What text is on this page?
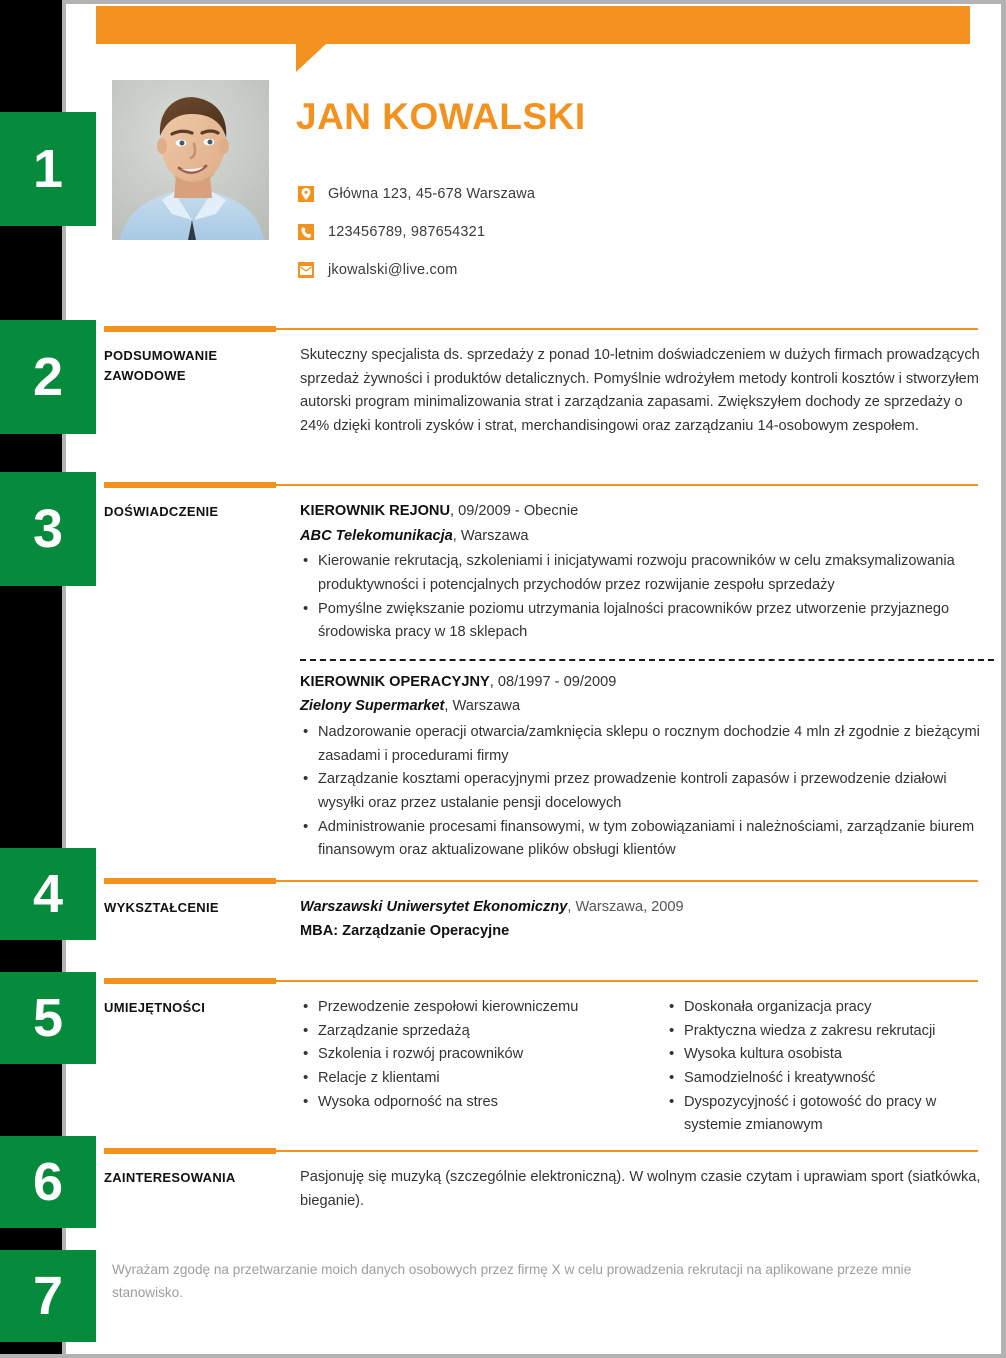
1
2
3
4
5
6
7
JAN KOWALSKI
Główna 123, 45-678 Warszawa
123456789, 987654321
jkowalski@live.com
PODSUMOWANIE ZAWODOWE
Skuteczny specjalista ds. sprzedaży z ponad 10-letnim doświadczeniem w dużych firmach prowadzących sprzedaż żywności i produktów detalicznych. Pomyślnie wdrożyłem metody kontroli kosztów i stworzyłem autorski program minimalizowania strat i zarządzania zapasami. Zwiększyłem dochody ze sprzedaży o 24% dzięki kontroli zysków i strat, merchandisingowi oraz zarządzaniu 14-osobowym zespołem.
DOŚWIADCZENIE	KIEROWNIK REJONU, 09/2009 - Obecnie
ABC Telekomunikacja, Warszawa
• Kierowanie rekrutacją, szkoleniami i inicjatywami rozwoju pracowników w celu zmaksymalizowania produktywności i potencjalnych przychodów przez rozwijanie zespołu sprzedaży
• Pomyślne zwiększanie poziomu utrzymania lojalności pracowników przez utworzenie przyjaznego środowiska pracy w 18 sklepach
KIEROWNIK OPERACYJNY, 08/1997 - 09/2009
Zielony Supermarket, Warszawa
• Nadzorowanie operacji otwarcia/zamknięcia sklepu o rocznym dochodzie 4 mln zł zgodnie z bieżącymi zasadami i procedurami firmy
• Zarządzanie kosztami operacyjnymi przez prowadzenie kontroli zapasów i przewodzenie działowi wysyłki oraz przez ustalanie pensji docelowych
• Administrowanie procesami finansowymi, w tym zobowiązaniami i należnościami, zarządzanie biurem finansowym oraz aktualizowane plików obsługi klientów
WYKSZTAŁCENIE	Warszawski Uniwersytet Ekonomiczny, Warszawa, 2009
MBA: Zarządzanie Operacyjne
UMIEJĘTNOŚCI	• Przewodzenie zespołowi kierowniczemu
• Zarządzanie sprzedażą
• Szkolenia i rozwój pracowników
• Relacje z klientami
• Wysoka odporność na stres
• Doskonała organizacja pracy
• Praktyczna wiedza z zakresu rekrutacji
• Wysoka kultura osobista
• Samodzielność i kreatywność
• Dyspozycyjność i gotowość do pracy w systemie zmianowym
ZAINTERESOWANIA	Pasjonuję się muzyką (szczególnie elektroniczną). W wolnym czasie czytam i uprawiam sport (siatkówka, bieganie).
Wyrażam zgodę na przetwarzanie moich danych osobowych przez firmę X w celu prowadzenia rekrutacji na aplikowane przeze mnie stanowisko.
